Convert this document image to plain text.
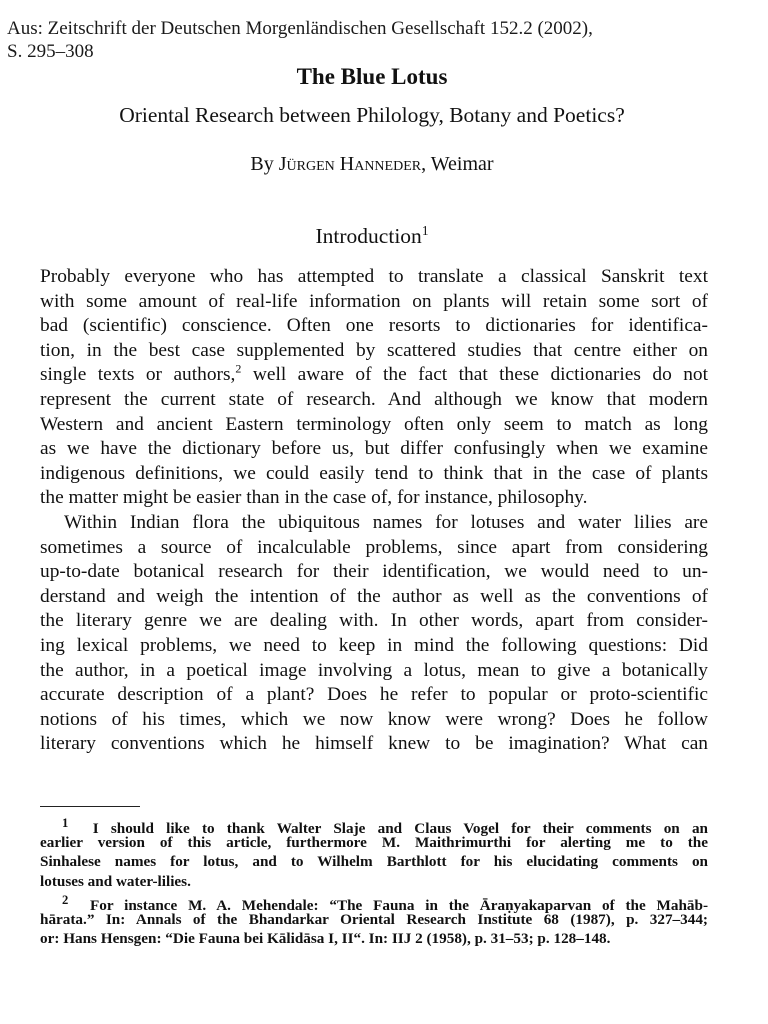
Aus: Zeitschrift der Deutschen Morgenländischen Gesellschaft 152.2 (2002),
S. 295–308
The Blue Lotus
Oriental Research between Philology, Botany and Poetics?
By Jürgen Hanneder, Weimar
Introduction$^1$
Probably everyone who has attempted to translate a classical Sanskrit text
with some amount of real-life information on plants will retain some sort of
bad (scientific) conscience. Often one resorts to dictionaries for identifica-
tion, in the best case supplemented by scattered studies that centre either on
single texts or authors,$^2$ well aware of the fact that these dictionaries do not
represent the current state of research. And although we know that modern
Western and ancient Eastern terminology often only seem to match as long
as we have the dictionary before us, but differ confusingly when we examine
indigenous definitions, we could easily tend to think that in the case of plants
the matter might be easier than in the case of, for instance, philosophy.
Within Indian flora the ubiquitous names for lotuses and water lilies are
sometimes a source of incalculable problems, since apart from considering
up-to-date botanical research for their identification, we would need to un-
derstand and weigh the intention of the author as well as the conventions of
the literary genre we are dealing with. In other words, apart from consider-
ing lexical problems, we need to keep in mind the following questions: Did
the author, in a poetical image involving a lotus, mean to give a botanically
accurate description of a plant? Does he refer to popular or proto-scientific
notions of his times, which we now know were wrong? Does he follow
literary conventions which he himself knew to be imagination? What can
$^1$ I should like to thank Walter Slaje and Claus Vogel for their comments on an
earlier version of this article, furthermore M. Maithrimurthi for alerting me to the
Sinhalese names for lotus, and to Wilhelm Barthlott for his elucidating comments on
lotuses and water-lilies.
$^2$ For instance M. A. Mehendale: “The Fauna in the Āraṇyakaparvan of the Mahāb-
hārata.” In: Annals of the Bhandarkar Oriental Research Institute 68 (1987), p. 327–344;
or: Hans Hensgen: “Die Fauna bei Kālidāsa I, II“. In: IIJ 2 (1958), p. 31–53; p. 128–148.
